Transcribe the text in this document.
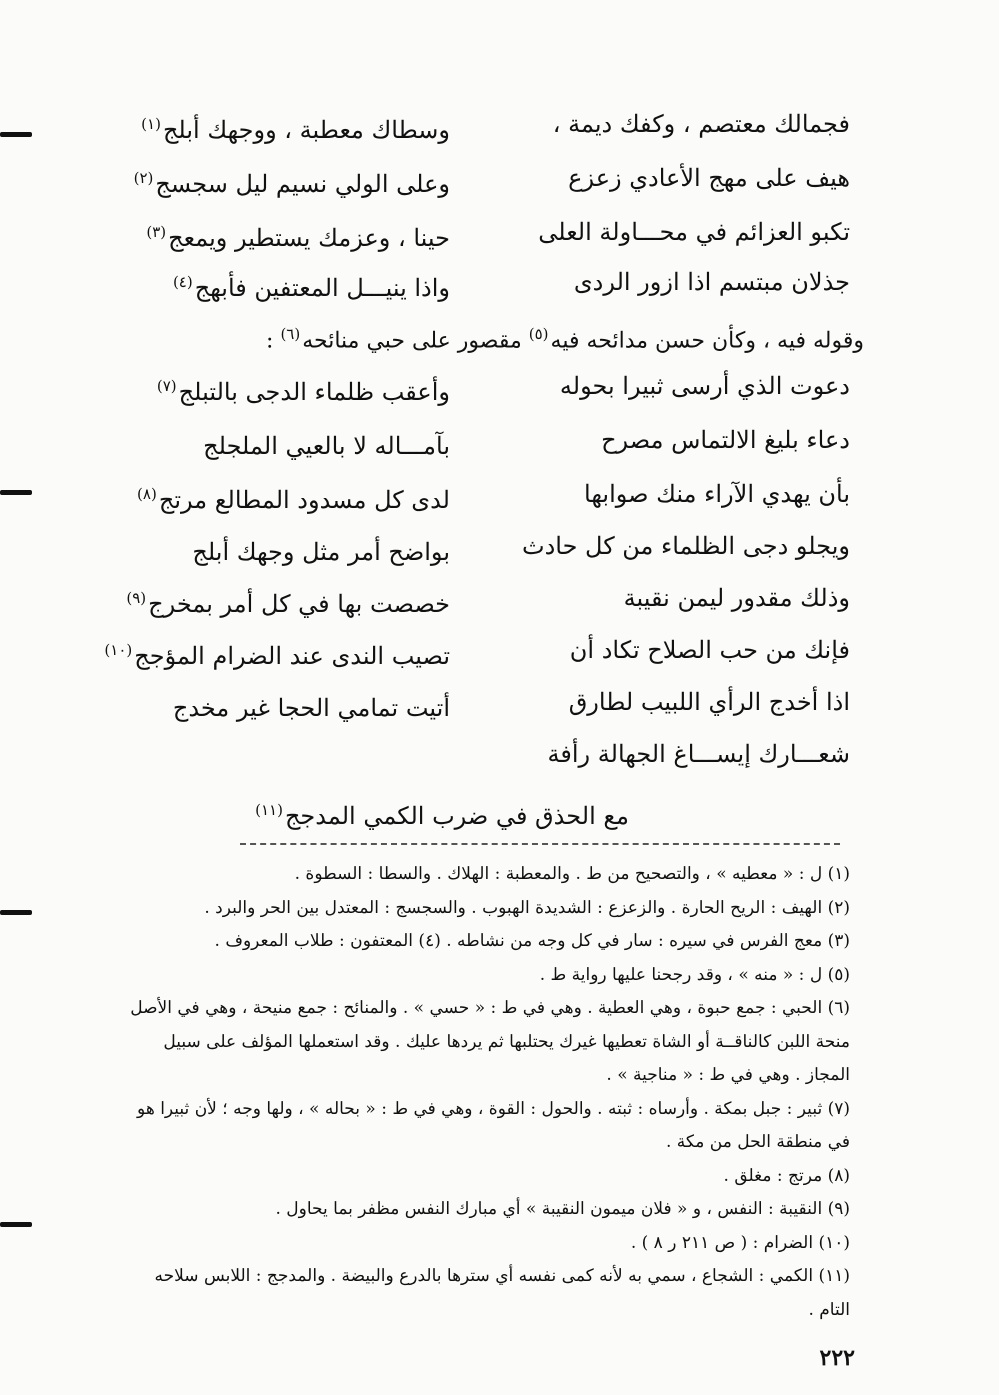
فجمالك معتصم ، وكفك ديمة ،
وسطاك معطبة ، ووجهك أبلج$^{(١)}$
هيف على مهج الأعادي زعزع
وعلى الولي نسيم ليل سجسج$^{(٢)}$
تكبو العزائم في محـــاولة العلى
حينا ، وعزمك يستطير ويمعج$^{(٣)}$
جذلان مبتسم اذا ازور الردى
واذا ينيـــل المعتفين فأبهج$^{(٤)}$
وقوله فيه ، وكأن حسن مدائحه فيه$^{(٥)}$ مقصور على حبي منائحه$^{(٦)}$ :
دعوت الذي أرسى ثبيرا بحوله
وأعقب ظلماء الدجى بالتبلج$^{(٧)}$
دعاء بليغ الالتماس مصرح
بآمـــاله لا بالعيي الملجلج
بأن يهدي الآراء منك صوابها
لدى كل مسدود المطالع مرتج$^{(٨)}$
ويجلو دجى الظلماء من كل حادث
بواضح أمر مثل وجهك أبلج
وذلك مقدور ليمن نقيبة
خصصت بها في كل أمر بمخرج$^{(٩)}$
فإنك من حب الصلاح تكاد أن
تصيب الندى عند الضرام المؤجج$^{(١٠)}$
اذا أخدج الرأي اللبيب لطارق
أتيت تمامي الحجا غير مخدج
شعـــارك إيســـاغ الجهالة رأفة
مع الحذق في ضرب الكمي المدجج$^{(١١)}$

(١) ل : « معطيه » ، والتصحيح من ط . والمعطبة : الهلاك . والسطا : السطوة .

(٢) الهيف : الريح الحارة . والزعزع : الشديدة الهبوب . والسجسج : المعتدل بين الحر والبرد .

(٣) معج الفرس في سيره : سار في كل وجه من نشاطه . (٤) المعتفون : طلاب المعروف .

(٥) ل : « منه » ، وقد رجحنا عليها رواية ط .

(٦) الحبي : جمع حبوة ، وهي العطية . وهي في ط : « حسي » . والمنائح : جمع منيحة ، وهي في الأصل منحة اللبن كالناقــة أو الشاة تعطيها غيرك يحتلبها ثم يردها عليك . وقد استعملها المؤلف على سبيل المجاز . وهي في ط : « مناجية » .

(٧) ثبير : جبل بمكة . وأرساه : ثبته . والحول : القوة ، وهي في ط : « بحاله » ، ولها وجه ؛ لأن ثبيرا هو في منطقة الحل من مكة .

(٨) مرتج : مغلق .

(٩) النقيبة : النفس ، و « فلان ميمون النقيبة » أي مبارك النفس مظفر بما يحاول .

(١٠) الضرام : ( ص ٢١١ ر ٨ ) .

(١١) الكمي : الشجاع ، سمي به لأنه كمى نفسه أي سترها بالدرع والبيضة . والمدجج : اللابس سلاحه التام .

٢٢٢
